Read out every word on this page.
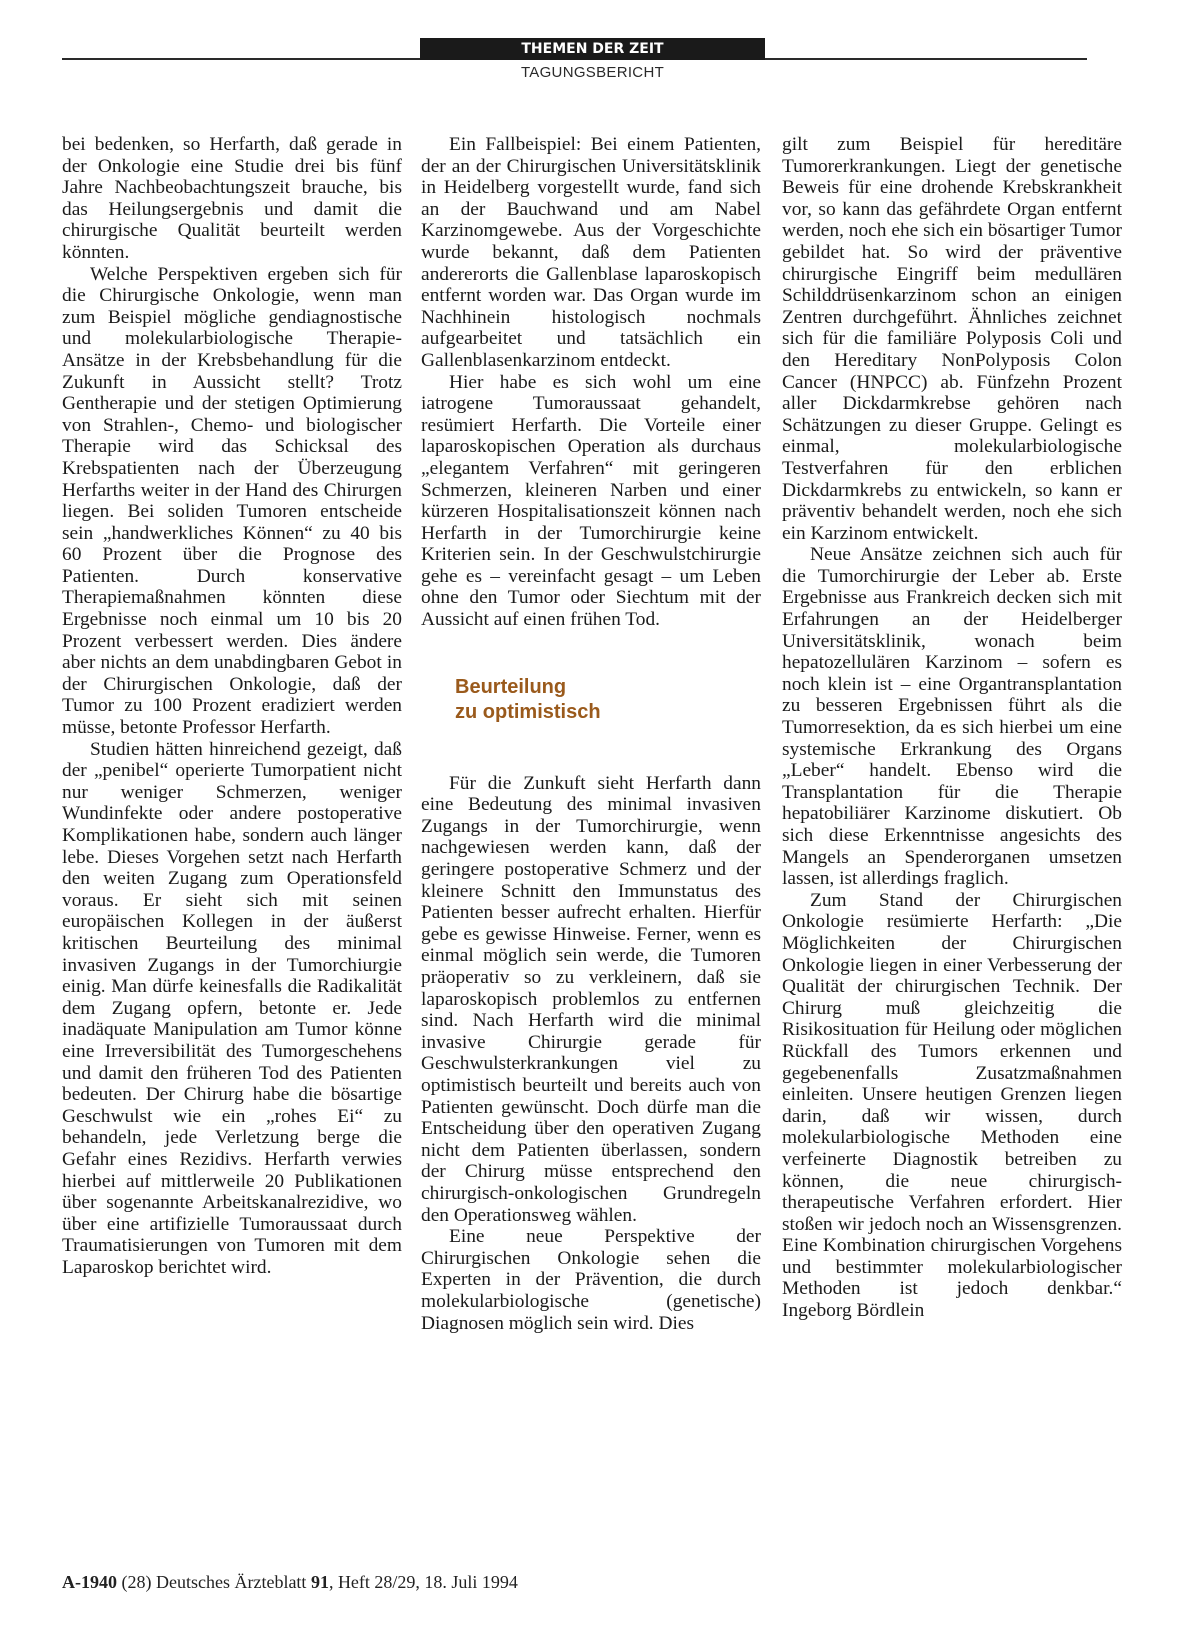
THEMEN DER ZEIT
TAGUNGSBERICHT

bei bedenken, so Herfarth, daß gerade in der Onkologie eine Studie drei bis fünf Jahre Nachbeobachtungszeit brauche, bis das Heilungsergebnis und damit die chirurgische Qualität beurteilt werden könnten.

Welche Perspektiven ergeben sich für die Chirurgische Onkologie, wenn man zum Beispiel mögliche gendiagnostische und molekularbiologische Therapie-Ansätze in der Krebsbehandlung für die Zukunft in Aussicht stellt? Trotz Gentherapie und der stetigen Optimierung von Strahlen-, Chemo- und biologischer Therapie wird das Schicksal des Krebspatienten nach der Überzeugung Herfarths weiter in der Hand des Chirurgen liegen. Bei soliden Tumoren entscheide sein „handwerkliches Können“ zu 40 bis 60 Prozent über die Prognose des Patienten. Durch konservative Therapiemaßnahmen könnten diese Ergebnisse noch einmal um 10 bis 20 Prozent verbessert werden. Dies ändere aber nichts an dem unabdingbaren Gebot in der Chirurgischen Onkologie, daß der Tumor zu 100 Prozent eradiziert werden müsse, betonte Professor Herfarth.

Studien hätten hinreichend gezeigt, daß der „penibel“ operierte Tumorpatient nicht nur weniger Schmerzen, weniger Wundinfekte oder andere postoperative Komplikationen habe, sondern auch länger lebe. Dieses Vorgehen setzt nach Herfarth den weiten Zugang zum Operationsfeld voraus. Er sieht sich mit seinen europäischen Kollegen in der äußerst kritischen Beurteilung des minimal invasiven Zugangs in der Tumorchiurgie einig. Man dürfe keinesfalls die Radikalität dem Zugang opfern, betonte er. Jede inadäquate Manipulation am Tumor könne eine Irreversibilität des Tumorgeschehens und damit den früheren Tod des Patienten bedeuten. Der Chirurg habe die bösartige Geschwulst wie ein „rohes Ei“ zu behandeln, jede Verletzung berge die Gefahr eines Rezidivs. Herfarth verwies hierbei auf mittlerweile 20 Publikationen über sogenannte Arbeitskanalrezidive, wo über eine artifizielle Tumoraussaat durch Traumatisierungen von Tumoren mit dem Laparoskop berichtet wird.

Ein Fallbeispiel: Bei einem Patienten, der an der Chirurgischen Universitätsklinik in Heidelberg vorgestellt wurde, fand sich an der Bauchwand und am Nabel Karzinomgewebe. Aus der Vorgeschichte wurde bekannt, daß dem Patienten andererorts die Gallenblase laparoskopisch entfernt worden war. Das Organ wurde im Nachhinein histologisch nochmals aufgearbeitet und tatsächlich ein Gallenblasenkarzinom entdeckt.

Hier habe es sich wohl um eine iatrogene Tumoraussaat gehandelt, resümiert Herfarth. Die Vorteile einer laparoskopischen Operation als durchaus „elegantem Verfahren“ mit geringeren Schmerzen, kleineren Narben und einer kürzeren Hospitalisationszeit können nach Herfarth in der Tumorchirurgie keine Kriterien sein. In der Geschwulstchirurgie gehe es – vereinfacht gesagt – um Leben ohne den Tumor oder Siechtum mit der Aussicht auf einen frühen Tod.

Beurteilung
zu optimistisch

Für die Zunkuft sieht Herfarth dann eine Bedeutung des minimal invasiven Zugangs in der Tumorchirurgie, wenn nachgewiesen werden kann, daß der geringere postoperative Schmerz und der kleinere Schnitt den Immunstatus des Patienten besser aufrecht erhalten. Hierfür gebe es gewisse Hinweise. Ferner, wenn es einmal möglich sein werde, die Tumoren präoperativ so zu verkleinern, daß sie laparoskopisch problemlos zu entfernen sind. Nach Herfarth wird die minimal invasive Chirurgie gerade für Geschwulsterkrankungen viel zu optimistisch beurteilt und bereits auch von Patienten gewünscht. Doch dürfe man die Entscheidung über den operativen Zugang nicht dem Patienten überlassen, sondern der Chirurg müsse entsprechend den chirurgisch-onkologischen Grundregeln den Operationsweg wählen.

Eine neue Perspektive der Chirurgischen Onkologie sehen die Experten in der Prävention, die durch molekularbiologische (genetische) Diagnosen möglich sein wird. Dies

gilt zum Beispiel für hereditäre Tumorerkrankungen. Liegt der genetische Beweis für eine drohende Krebskrankheit vor, so kann das gefährdete Organ entfernt werden, noch ehe sich ein bösartiger Tumor gebildet hat. So wird der präventive chirurgische Eingriff beim medullären Schilddrüsenkarzinom schon an einigen Zentren durchgeführt. Ähnliches zeichnet sich für die familiäre Polyposis Coli und den Hereditary NonPolyposis Colon Cancer (HNPCC) ab. Fünfzehn Prozent aller Dickdarmkrebse gehören nach Schätzungen zu dieser Gruppe. Gelingt es einmal, molekularbiologische Testverfahren für den erblichen Dickdarmkrebs zu entwickeln, so kann er präventiv behandelt werden, noch ehe sich ein Karzinom entwickelt.

Neue Ansätze zeichnen sich auch für die Tumorchirurgie der Leber ab. Erste Ergebnisse aus Frankreich decken sich mit Erfahrungen an der Heidelberger Universitätsklinik, wonach beim hepatozellulären Karzinom – sofern es noch klein ist – eine Organtransplantation zu besseren Ergebnissen führt als die Tumorresektion, da es sich hierbei um eine systemische Erkrankung des Organs „Leber“ handelt. Ebenso wird die Transplantation für die Therapie hepatobiliärer Karzinome diskutiert. Ob sich diese Erkenntnisse angesichts des Mangels an Spenderorganen umsetzen lassen, ist allerdings fraglich.

Zum Stand der Chirurgischen Onkologie resümierte Herfarth: „Die Möglichkeiten der Chirurgischen Onkologie liegen in einer Verbesserung der Qualität der chirurgischen Technik. Der Chirurg muß gleichzeitig die Risikosituation für Heilung oder möglichen Rückfall des Tumors erkennen und gegebenenfalls Zusatzmaßnahmen einleiten. Unsere heutigen Grenzen liegen darin, daß wir wissen, durch molekularbiologische Methoden eine verfeinerte Diagnostik betreiben zu können, die neue chirurgisch-therapeutische Verfahren erfordert. Hier stoßen wir jedoch noch an Wissensgrenzen. Eine Kombination chirurgischen Vorgehens und bestimmter molekularbiologischer Methoden ist jedoch denkbar.“ Ingeborg Bördlein

A-1940 (28) Deutsches Ärzteblatt 91, Heft 28/29, 18. Juli 1994
